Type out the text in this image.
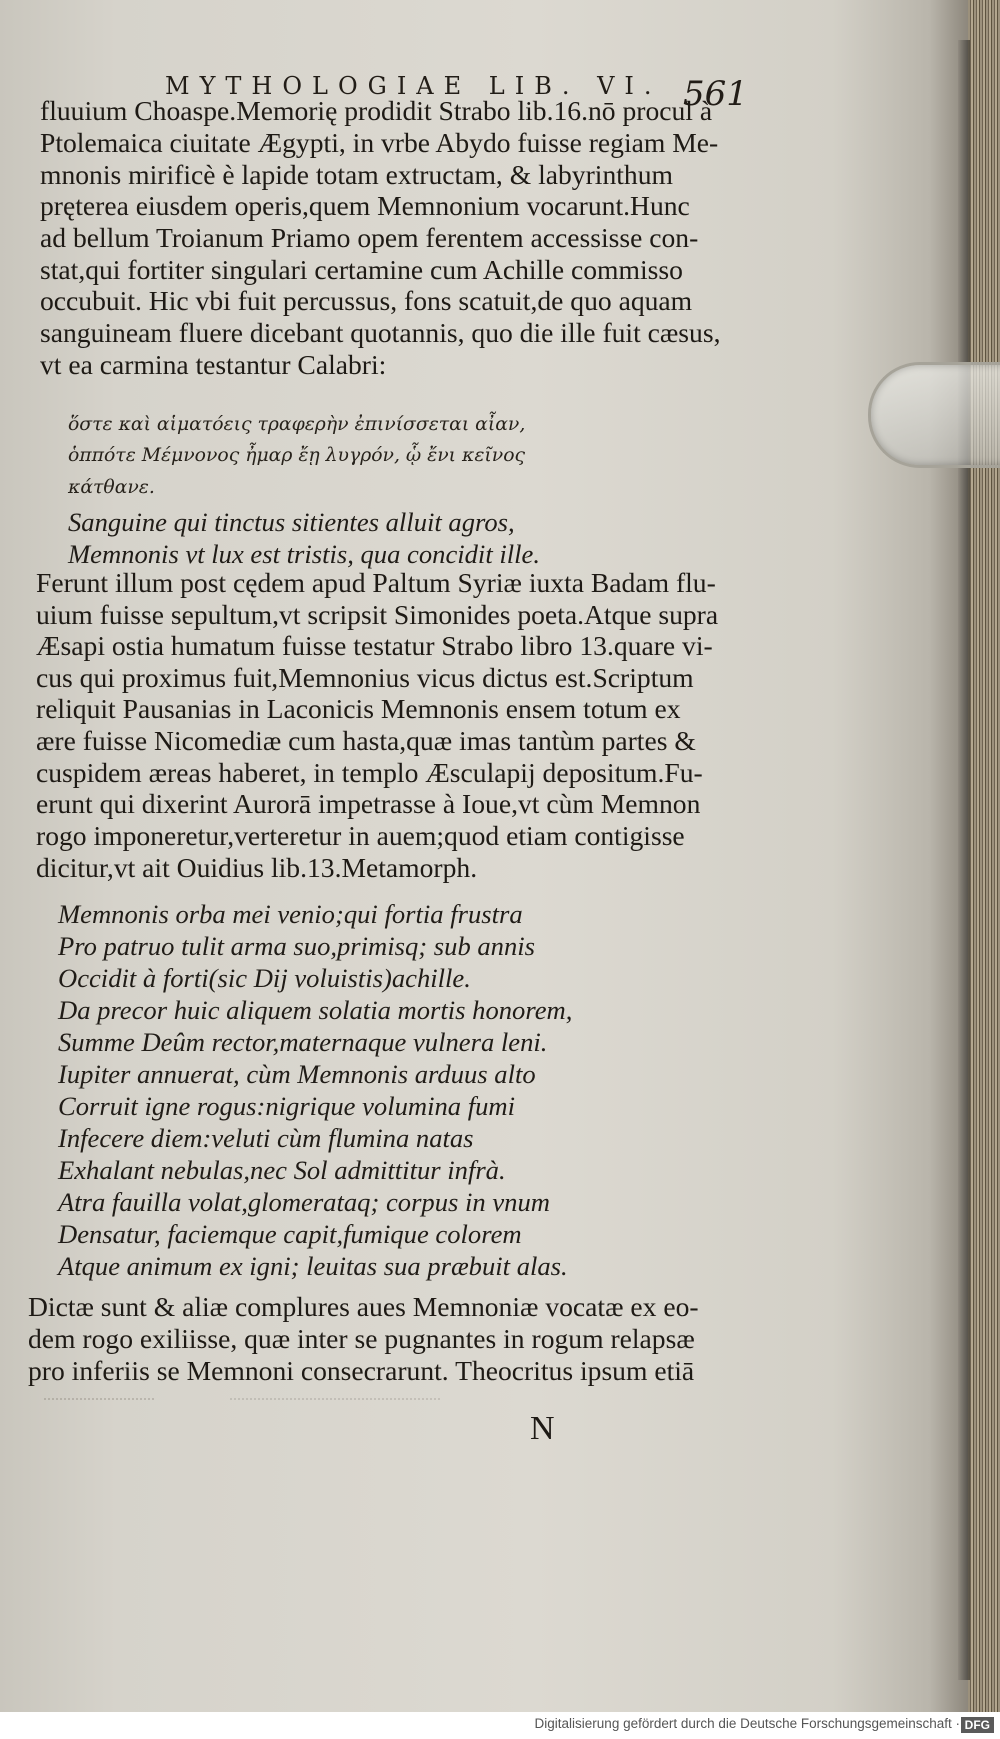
MYTHOLOGIAE LIB. VI. 561
fluuium Choaspe.Memorię prodidit Strabo lib.16.nō procul à
Ptolemaica ciuitate Ægypti, in vrbe Abydo fuisse regiam Me-
mnonis mirificè è lapide totam extructam, & labyrinthum
pręterea eiusdem operis,quem Memnonium vocarunt.Hunc
ad bellum Troianum Priamo opem ferentem accessisse con-
stat,qui fortiter singulari certamine cum Achille commisso
occubuit. Hic vbi fuit percussus, fons scatuit,de quo aquam
sanguineam fluere dicebant quotannis, quo die ille fuit cæsus,
vt ea carmina testantur Calabri:
ὅστε καὶ αἱματόεις τραφερὴν ἐπινίσσεται αἶαν,
ὁππότε Μέμνονος ἦμαρ ἔῃ λυγρόν, ᾧ ἔνι κεῖνος
κάτθανε.
Sanguine qui tinctus sitientes alluit agros,
Memnonis vt lux est tristis, qua concidit ille.
Ferunt illum post cędem apud Paltum Syriæ iuxta Badam flu-
uium fuisse sepultum,vt scripsit Simonides poeta.Atque supra
Æsapi ostia humatum fuisse testatur Strabo libro 13.quare vi-
cus qui proximus fuit,Memnonius vicus dictus est.Scriptum
reliquit Pausanias in Laconicis Memnonis ensem totum ex
ære fuisse Nicomediæ cum hasta,quæ imas tantùm partes &
cuspidem æreas haberet, in templo Æsculapij depositum.Fu-
erunt qui dixerint Aurorā impetrasse à Ioue,vt cùm Memnon
rogo imponeretur,verteretur in auem;quod etiam contigisse
dicitur,vt ait Ouidius lib.13.Metamorph.
Memnonis orba mei venio;qui fortia frustra
Pro patruo tulit arma suo,primisq; sub annis
Occidit à forti(sic Dij voluistis)achille.
Da precor huic aliquem solatia mortis honorem,
Summe Deûm rector,maternaque vulnera leni.
Iupiter annuerat, cùm Memnonis arduus alto
Corruit igne rogus:nigrique volumina fumi
Infecere diem:veluti cùm flumina natas
Exhalant nebulas,nec Sol admittitur infrà.
Atra fauilla volat,glomerataq; corpus in vnum
Densatur, faciemque capit,fumique colorem
Atque animum ex igni; leuitas sua præbuit alas.
Dictæ sunt & aliæ complures aues Memnoniæ vocatæ ex eo-
dem rogo exiliisse, quæ inter se pugnantes in rogum relapsæ
pro inferiis se Memnoni consecrarunt. Theocritus ipsum etiā
N
Digitalisierung gefördert durch die Deutsche Forschungsgemeinschaft · DFG
